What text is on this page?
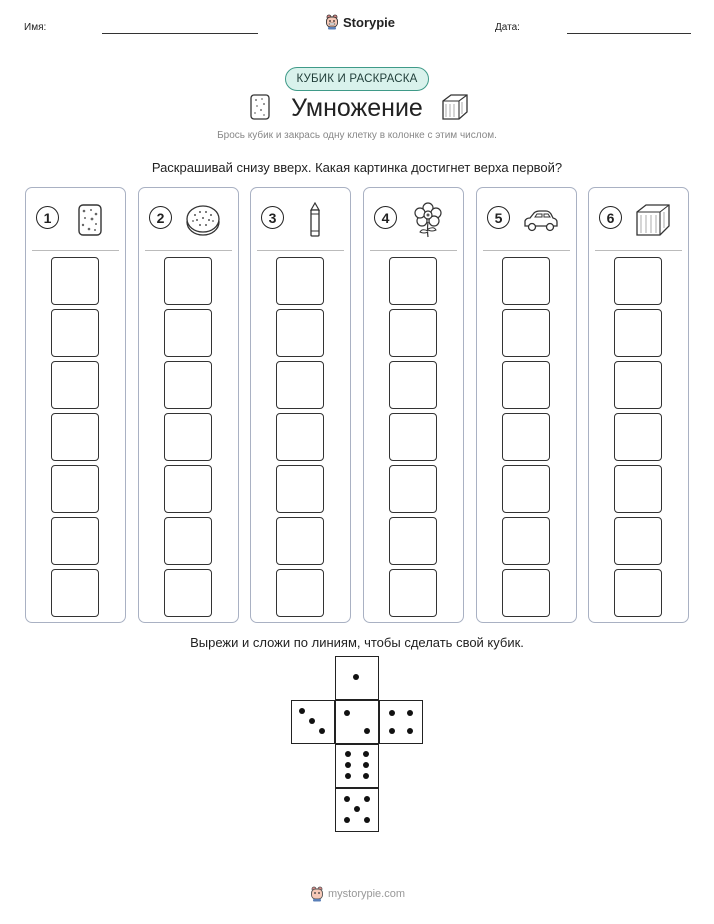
Имя:	Дата:
Storypie
КУБИК И РАСКРАСКА
Умножение
Брось кубик и закрась одну клетку в колонке с этим числом.
Раскрашивай снизу вверх. Какая картинка достигнет верха первой?
1	2	3	4	5	6
Вырежи и сложи по линиям, чтобы сделать свой кубик.
mystorypie.com
